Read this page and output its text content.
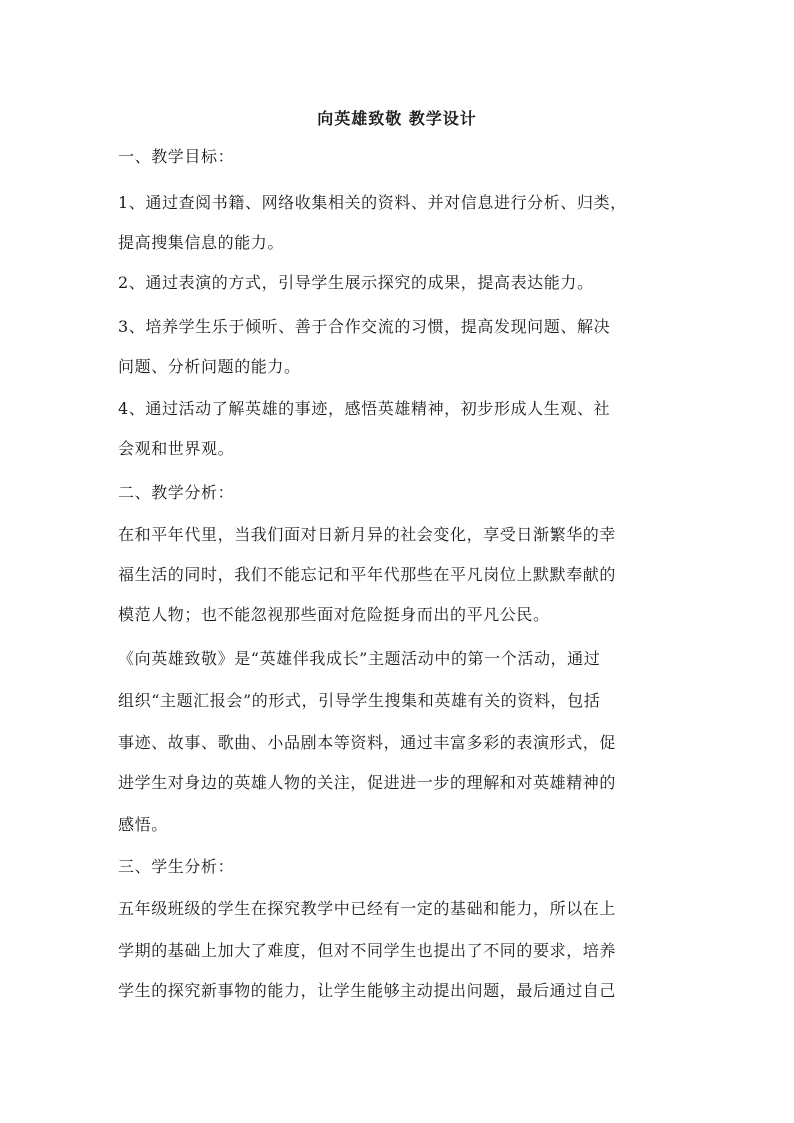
向英雄致敬 教学设计
一、教学目标：
1、通过查阅书籍、网络收集相关的资料、并对信息进行分析、归类，
提高搜集信息的能力。
2、通过表演的方式，引导学生展示探究的成果，提高表达能力。
3、培养学生乐于倾听、善于合作交流的习惯，提高发现问题、解决
问题、分析问题的能力。
4、通过活动了解英雄的事迹，感悟英雄精神，初步形成人生观、社
会观和世界观。
二、教学分析：
在和平年代里，当我们面对日新月异的社会变化，享受日渐繁华的幸
福生活的同时，我们不能忘记和平年代那些在平凡岗位上默默奉献的
模范人物；也不能忽视那些面对危险挺身而出的平凡公民。
《向英雄致敬》是“英雄伴我成长”主题活动中的第一个活动，通过
组织“主题汇报会”的形式，引导学生搜集和英雄有关的资料，包括
事迹、故事、歌曲、小品剧本等资料，通过丰富多彩的表演形式，促
进学生对身边的英雄人物的关注，促进进一步的理解和对英雄精神的
感悟。
三、学生分析：
五年级班级的学生在探究教学中已经有一定的基础和能力，所以在上
学期的基础上加大了难度，但对不同学生也提出了不同的要求，培养
学生的探究新事物的能力，让学生能够主动提出问题，最后通过自己
